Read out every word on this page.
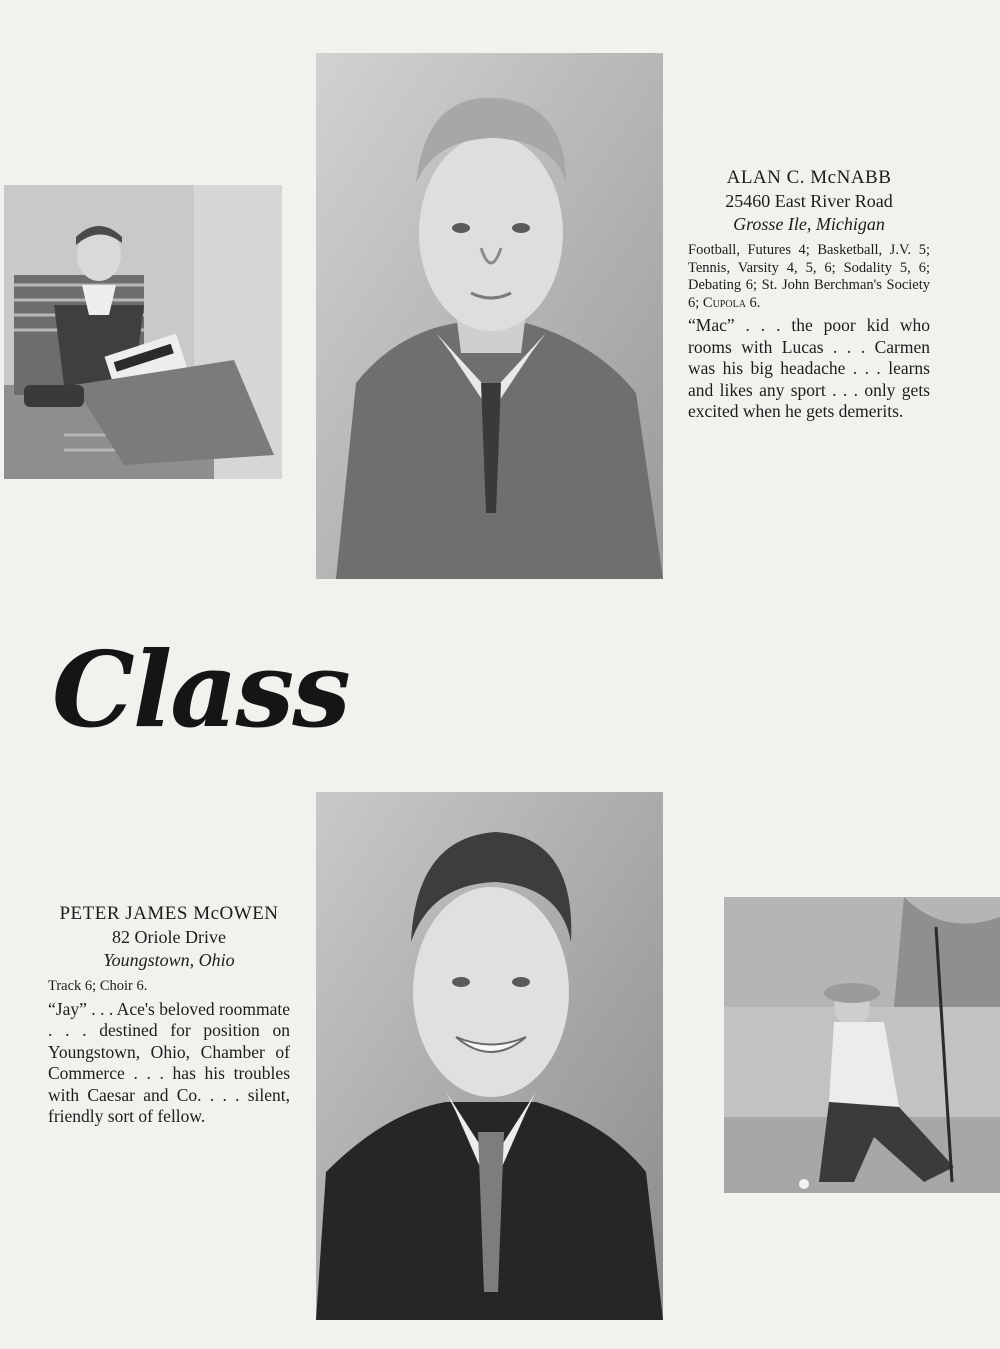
ALAN C. McNABB

25460 East River Road

Grosse Ile, Michigan

Football, Futures 4; Basketball, J.V. 5; Tennis, Varsity 4, 5, 6; Sodality 5, 6; Debating 6; St. John Berchman's Society 6; Cupola 6.

“Mac” . . . the poor kid who rooms with Lucas . . . Carmen was his big headache . . . learns and likes any sport . . . only gets excited when he gets demerits.

Class

PETER JAMES McOWEN

82 Oriole Drive

Youngstown, Ohio

Track 6; Choir 6.

“Jay” . . . Ace's beloved roommate . . . destined for position on Youngstown, Ohio, Chamber of Commerce . . . has his troubles with Caesar and Co. . . . silent, friendly sort of fellow.
